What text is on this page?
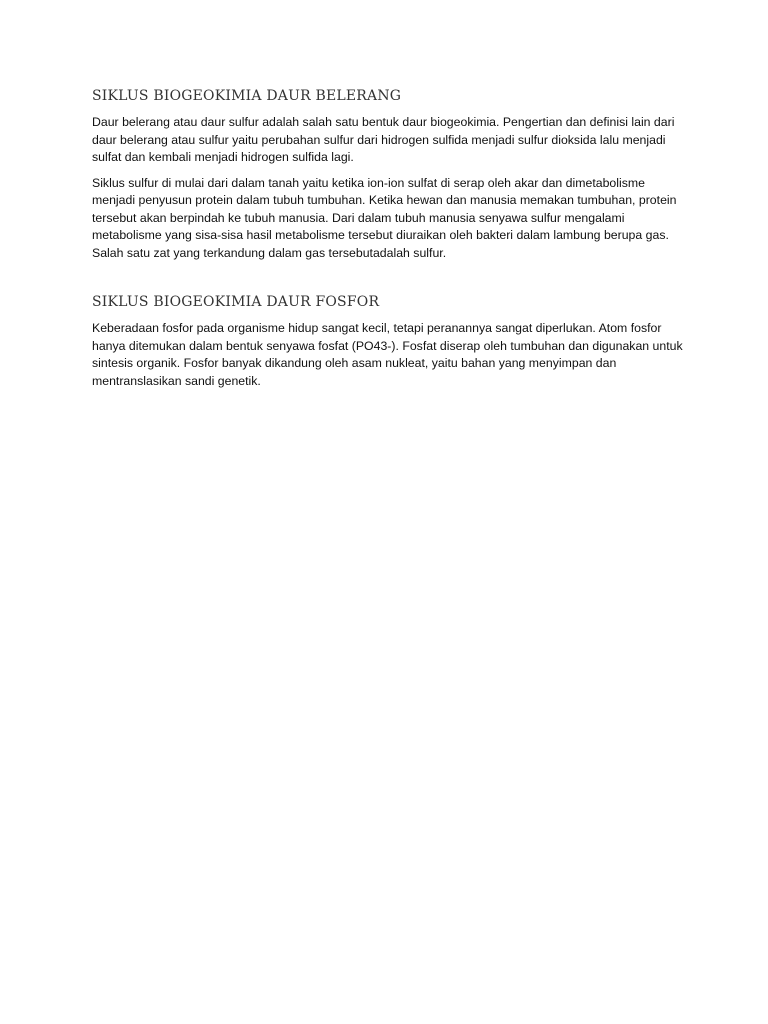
SIKLUS BIOGEOKIMIA DAUR BELERANG

Daur belerang atau daur sulfur adalah salah satu bentuk daur biogeokimia. Pengertian dan definisi lain dari daur belerang atau sulfur yaitu perubahan sulfur dari hidrogen sulfida menjadi sulfur dioksida lalu menjadi sulfat dan kembali menjadi hidrogen sulfida lagi.

Siklus sulfur di mulai dari dalam tanah yaitu ketika ion-ion sulfat di serap oleh akar dan dimetabolisme menjadi penyusun protein dalam tubuh tumbuhan. Ketika hewan dan manusia memakan tumbuhan, protein tersebut akan berpindah ke tubuh manusia. Dari dalam tubuh manusia senyawa sulfur mengalami metabolisme yang sisa-sisa hasil metabolisme tersebut diuraikan oleh bakteri dalam lambung berupa gas. Salah satu zat yang terkandung dalam gas tersebutadalah sulfur.

SIKLUS BIOGEOKIMIA DAUR FOSFOR

Keberadaan fosfor pada organisme hidup sangat kecil, tetapi peranannya sangat diperlukan. Atom fosfor hanya ditemukan dalam bentuk senyawa fosfat (PO43-). Fosfat diserap oleh tumbuhan dan digunakan untuk sintesis organik. Fosfor banyak dikandung oleh asam nukleat, yaitu bahan yang menyimpan dan mentranslasikan sandi genetik.
